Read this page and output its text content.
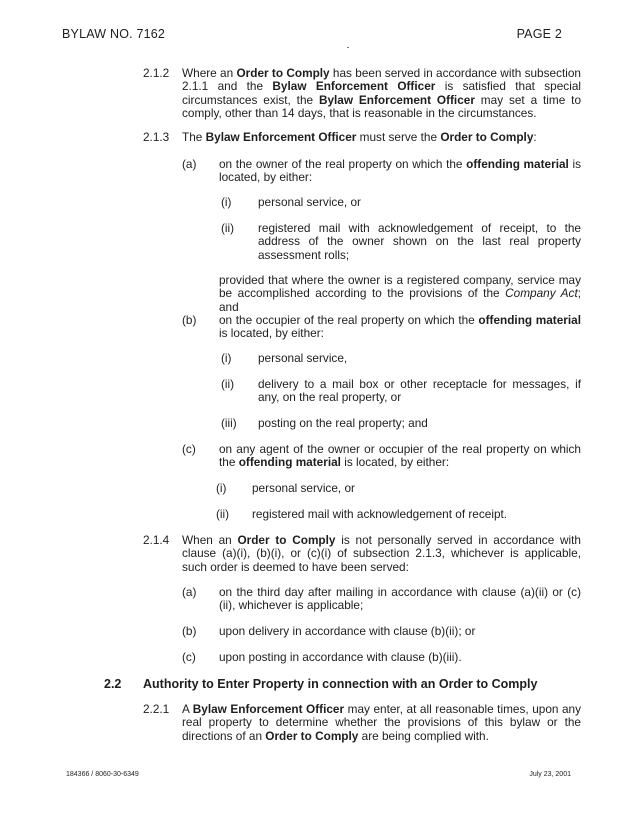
BYLAW NO. 7162	PAGE 2
2.1.2 Where an Order to Comply has been served in accordance with subsection 2.1.1 and the Bylaw Enforcement Officer is satisfied that special circumstances exist, the Bylaw Enforcement Officer may set a time to comply, other than 14 days, that is reasonable in the circumstances.
2.1.3 The Bylaw Enforcement Officer must serve the Order to Comply:
(a) on the owner of the real property on which the offending material is located, by either:
(i) personal service, or
(ii) registered mail with acknowledgement of receipt, to the address of the owner shown on the last real property assessment rolls;
provided that where the owner is a registered company, service may be accomplished according to the provisions of the Company Act; and
(b) on the occupier of the real property on which the offending material is located, by either:
(i) personal service,
(ii) delivery to a mail box or other receptacle for messages, if any, on the real property, or
(iii) posting on the real property; and
(c) on any agent of the owner or occupier of the real property on which the offending material is located, by either:
(i) personal service, or
(ii) registered mail with acknowledgement of receipt.
2.1.4 When an Order to Comply is not personally served in accordance with clause (a)(i), (b)(i), or (c)(i) of subsection 2.1.3, whichever is applicable, such order is deemed to have been served:
(a) on the third day after mailing in accordance with clause (a)(ii) or (c)(ii), whichever is applicable;
(b) upon delivery in accordance with clause (b)(ii); or
(c) upon posting in accordance with clause (b)(iii).
2.2 Authority to Enter Property in connection with an Order to Comply
2.2.1 A Bylaw Enforcement Officer may enter, at all reasonable times, upon any real property to determine whether the provisions of this bylaw or the directions of an Order to Comply are being complied with.
184366 / 8060-30-6349	July 23, 2001
